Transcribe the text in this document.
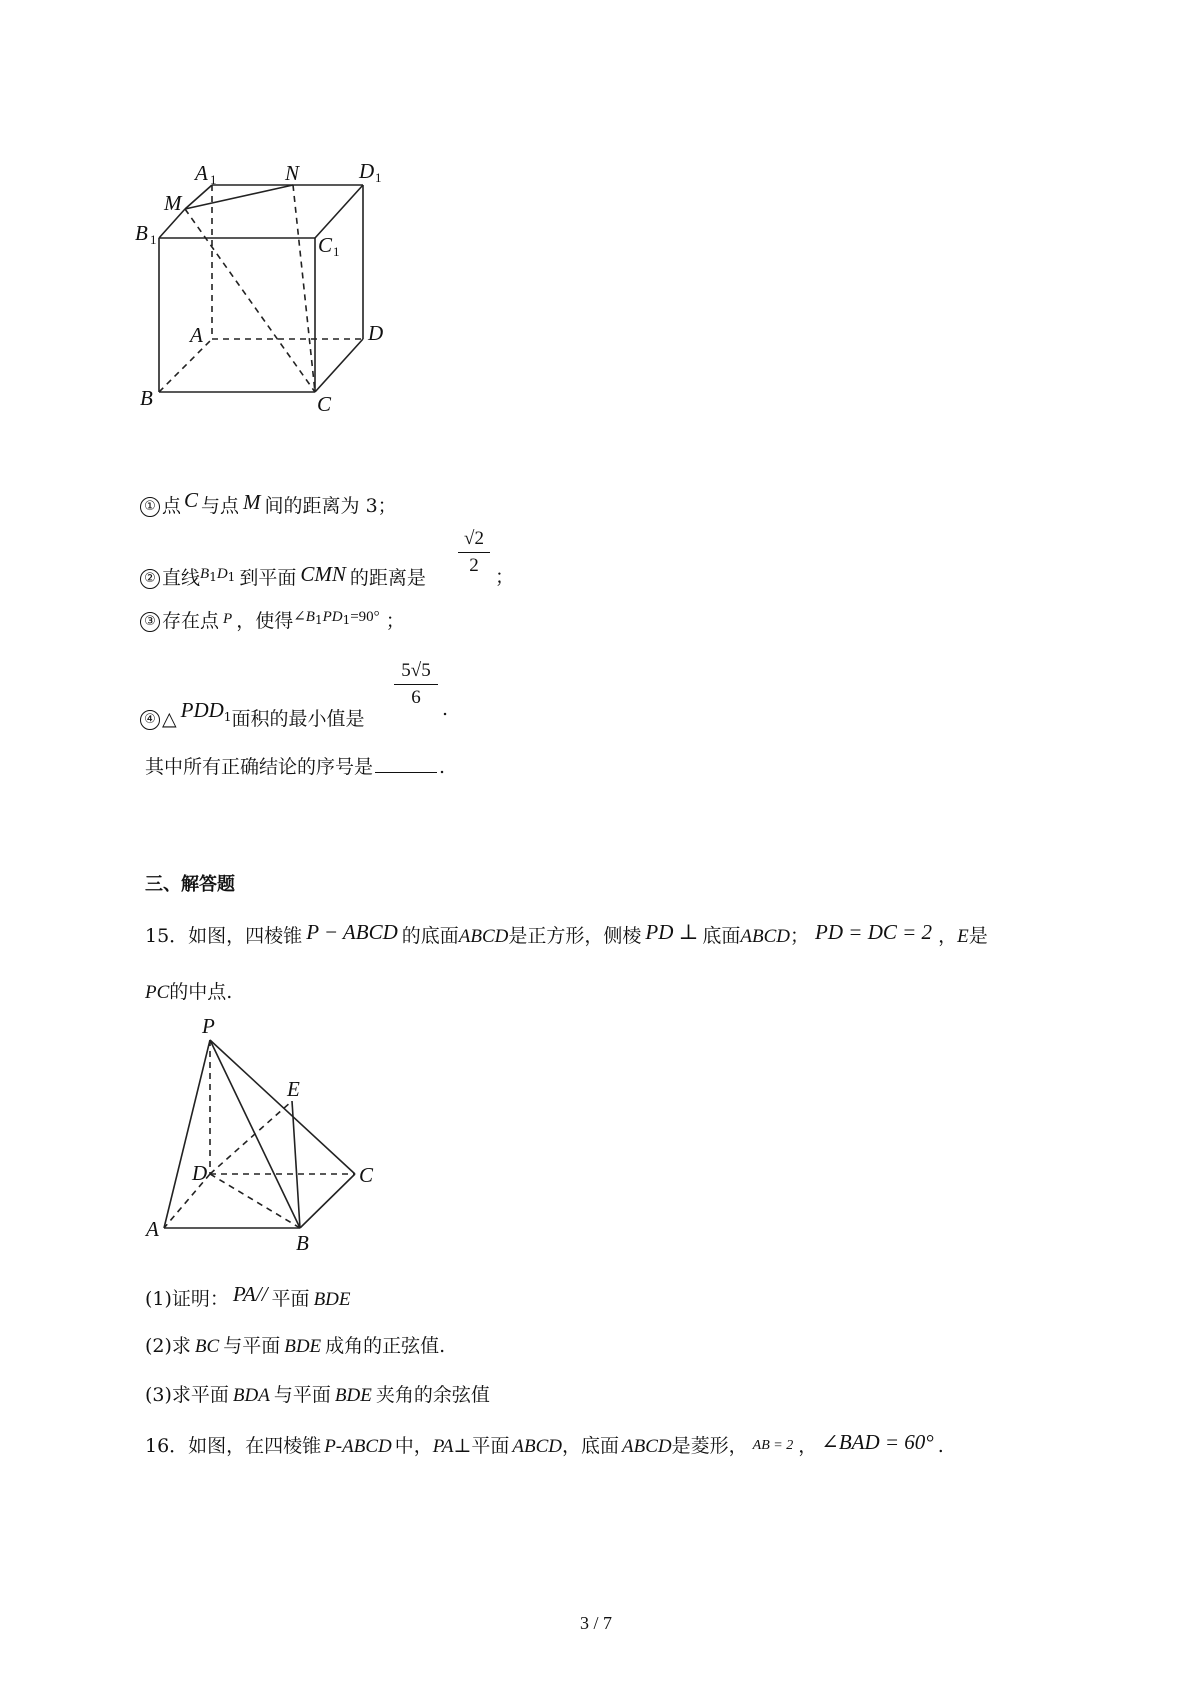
A 1	N	D 1
M
B 1	C 1
A	D
B	C
① 点 C 与点 M 间的距离为 3；
② 直线$^B1^D1$ 到平面 CMN 的距离是
√2
2
；
③ 存在点 $^P$ ，使得$^{\angle B}1^{PD}1^{=90^\circ}$ ；
④ △ PDD$^1$面积的最小值是
5√5
6
.
其中所有正确结论的序号是	.
三、解答题
15．如图，四棱锥 P − ABCD 的底面ABCD是正方形，侧棱 PD ⊥ 底面ABCD； PD = DC = 2 ，E是
PC的中点.
P
E
D	C
A
B
(1)证明： PA// 平面 BDE
(2)求 BC 与平面 BDE 成角的正弦值.
(3)求平面 BDA 与平面 BDE 夹角的余弦值
16．如图，在四棱锥 P-ABCD 中，PA⊥平面 ABCD，底面 ABCD是菱形， AB = 2 ， ∠BAD = 60° .
3 / 7
